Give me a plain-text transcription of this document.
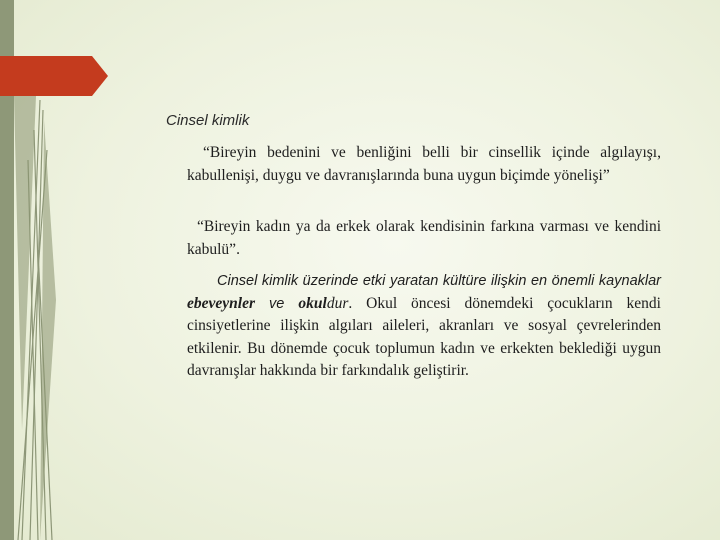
Cinsel kimlik

“Bireyin bedenini ve benliğini belli bir cinsellik içinde algılayışı, kabullenişi, duygu ve davranışlarında buna uygun biçimde yönelişi”

“Bireyin kadın ya da erkek olarak kendisinin farkına varması ve kendini kabulü”.

Cinsel kimlik üzerinde etki yaratan kültüre ilişkin en önemli kaynaklar ebeveynler ve okuldur. Okul öncesi dönemdeki çocukların kendi cinsiyetlerine ilişkin algıları aileleri, akranları ve sosyal çevrelerinden etkilenir. Bu dönemde çocuk toplumun kadın ve erkekten beklediği uygun davranışlar hakkında bir farkındalık geliştirir.
